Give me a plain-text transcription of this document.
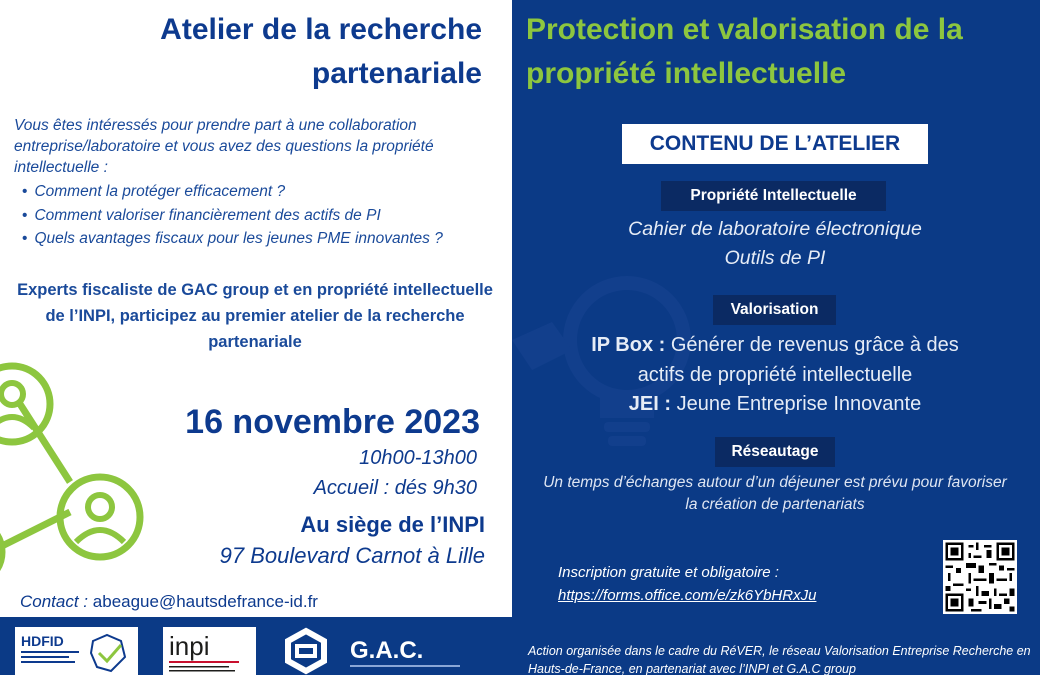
Atelier de la recherche partenariale

Vous êtes intéressés pour prendre part à une collaboration entreprise/laboratoire et vous avez des questions la propriété intellectuelle :

• Comment la protéger efficacement ?
• Comment valoriser financièrement des actifs de PI
• Quels avantages fiscaux pour les jeunes PME innovantes ?

Experts fiscaliste de GAC group et en propriété intellectuelle de l’INPI, participez au premier atelier de la recherche partenariale

16 novembre 2023
10h00-13h00
Accueil : dés 9h30
Au siège de l’INPI
97 Boulevard Carnot à Lille
Contact : abeague@hautsdefrance-id.fr
Protection et valorisation de la propriété intellectuelle
CONTENU DE L’ATELIER
Propriété Intellectuelle
Cahier de laboratoire électronique
Outils de PI
Valorisation
IP Box : Générer de revenus grâce à des
actifs de propriété intellectuelle
JEI : Jeune Entreprise Innovante
Réseautage

Un temps d’échanges autour d’un déjeuner est prévu pour favoriser la création de partenariats

Inscription gratuite et obligatoire :
https://forms.office.com/e/zk6YbHRxJu
HDFID	inpi	G.A.C.	Action organisée dans le cadre du RéVER, le réseau Valorisation Entreprise Recherche en Hauts-de-France, en partenariat avec l’INPI et G.A.C group
